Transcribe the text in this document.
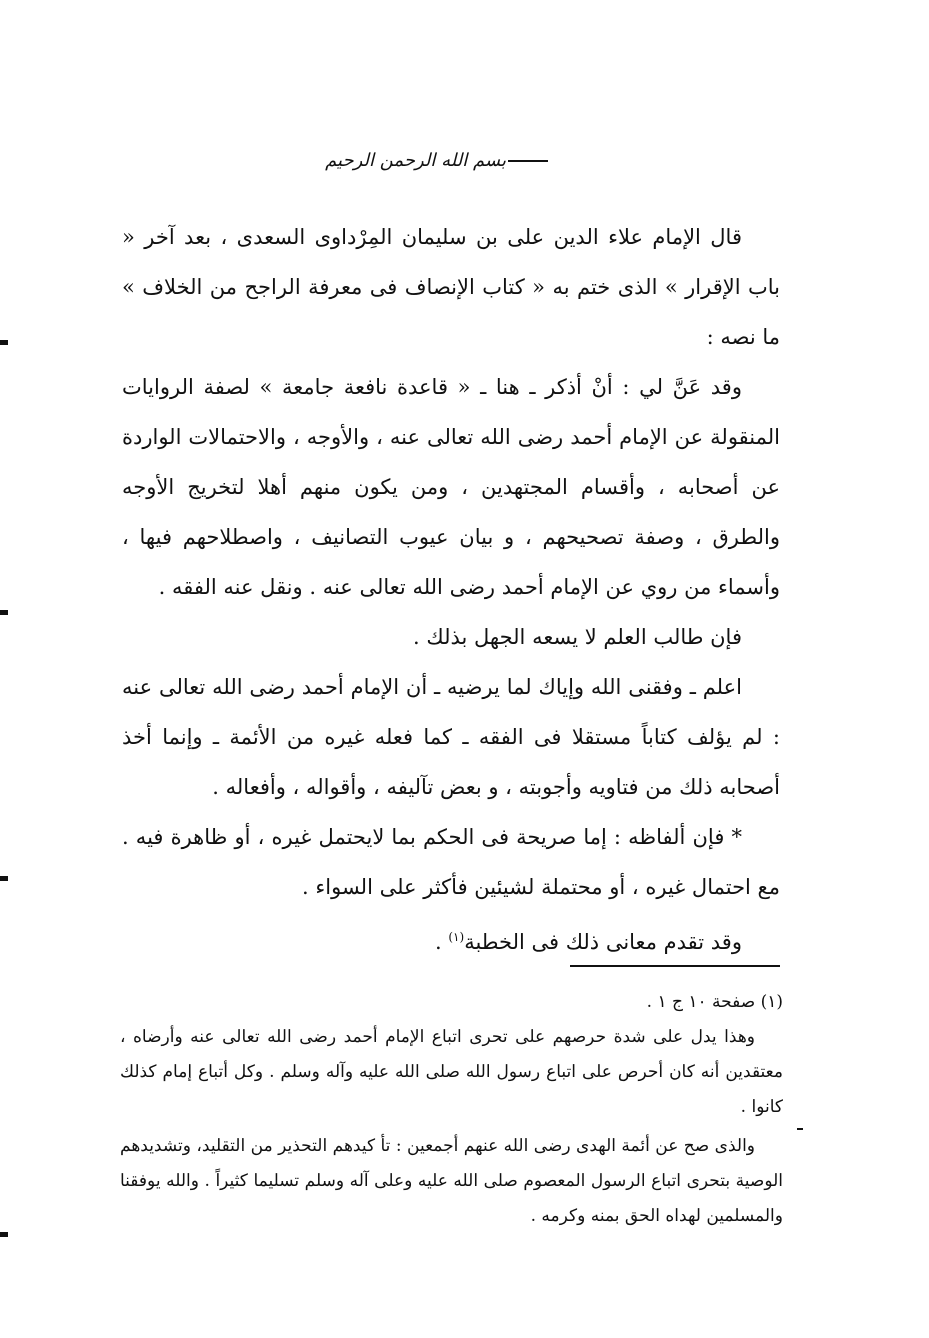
بسم الله الرحمن الرحيم

قال الإمام علاء الدين على بن سليمان المِرْداوى السعدى ، بعد آخر « باب الإقرار » الذى ختم به « كتاب الإنصاف فى معرفة الراجح من الخلاف » ما نصه :

وقد عَنَّ لي : أنْ أذكر ـ هنا ـ « قاعدة نافعة جامعة » لصفة الروايات المنقولة عن الإمام أحمد رضى الله تعالى عنه ، والأوجه ، والاحتمالات الواردة عن أصحابه ، وأقسام المجتهدين ، ومن يكون منهم أهلا لتخريج الأوجه والطرق ، وصفة تصحيحهم ، و بيان عيوب التصانيف ، واصطلاحهم فيها ، وأسماء من روي عن الإمام أحمد رضى الله تعالى عنه . ونقل عنه الفقه .

فإن طالب العلم لا يسعه الجهل بذلك .

اعلم ـ وفقنى الله وإياك لما يرضيه ـ أن الإمام أحمد رضى الله تعالى عنه : لم يؤلف كتاباً مستقلا فى الفقه ـ كما فعله غيره من الأئمة ـ وإنما أخذ أصحابه ذلك من فتاويه وأجوبته ، و بعض تآليفه ، وأقواله ، وأفعاله .

* فإن ألفاظه : إما صريحة فى الحكم بما لايحتمل غيره ، أو ظاهرة فيه . مع احتمال غيره ، أو محتملة لشيئين فأكثر على السواء .

وقد تقدم معانى ذلك فى الخطبة$^{(١)}$ .

(١) صفحة ١٠ ج ١ .

وهذا يدل على شدة حرصهم على تحرى اتباع الإمام أحمد رضى الله تعالى عنه وأرضاه ، معتقدين أنه كان أحرص على اتباع رسول الله صلى الله عليه وآله وسلم . وكل أتباع إمام كذلك كانوا .

والذى صح عن أئمة الهدى رضى الله عنهم أجمعين : تأ كيدهم التحذير من التقليد، وتشديدهم الوصية بتحرى اتباع الرسول المعصوم صلى الله عليه وعلى آله وسلم تسليما كثيراً . والله يوفقنا والمسلمين لهداه الحق بمنه وكرمه .
